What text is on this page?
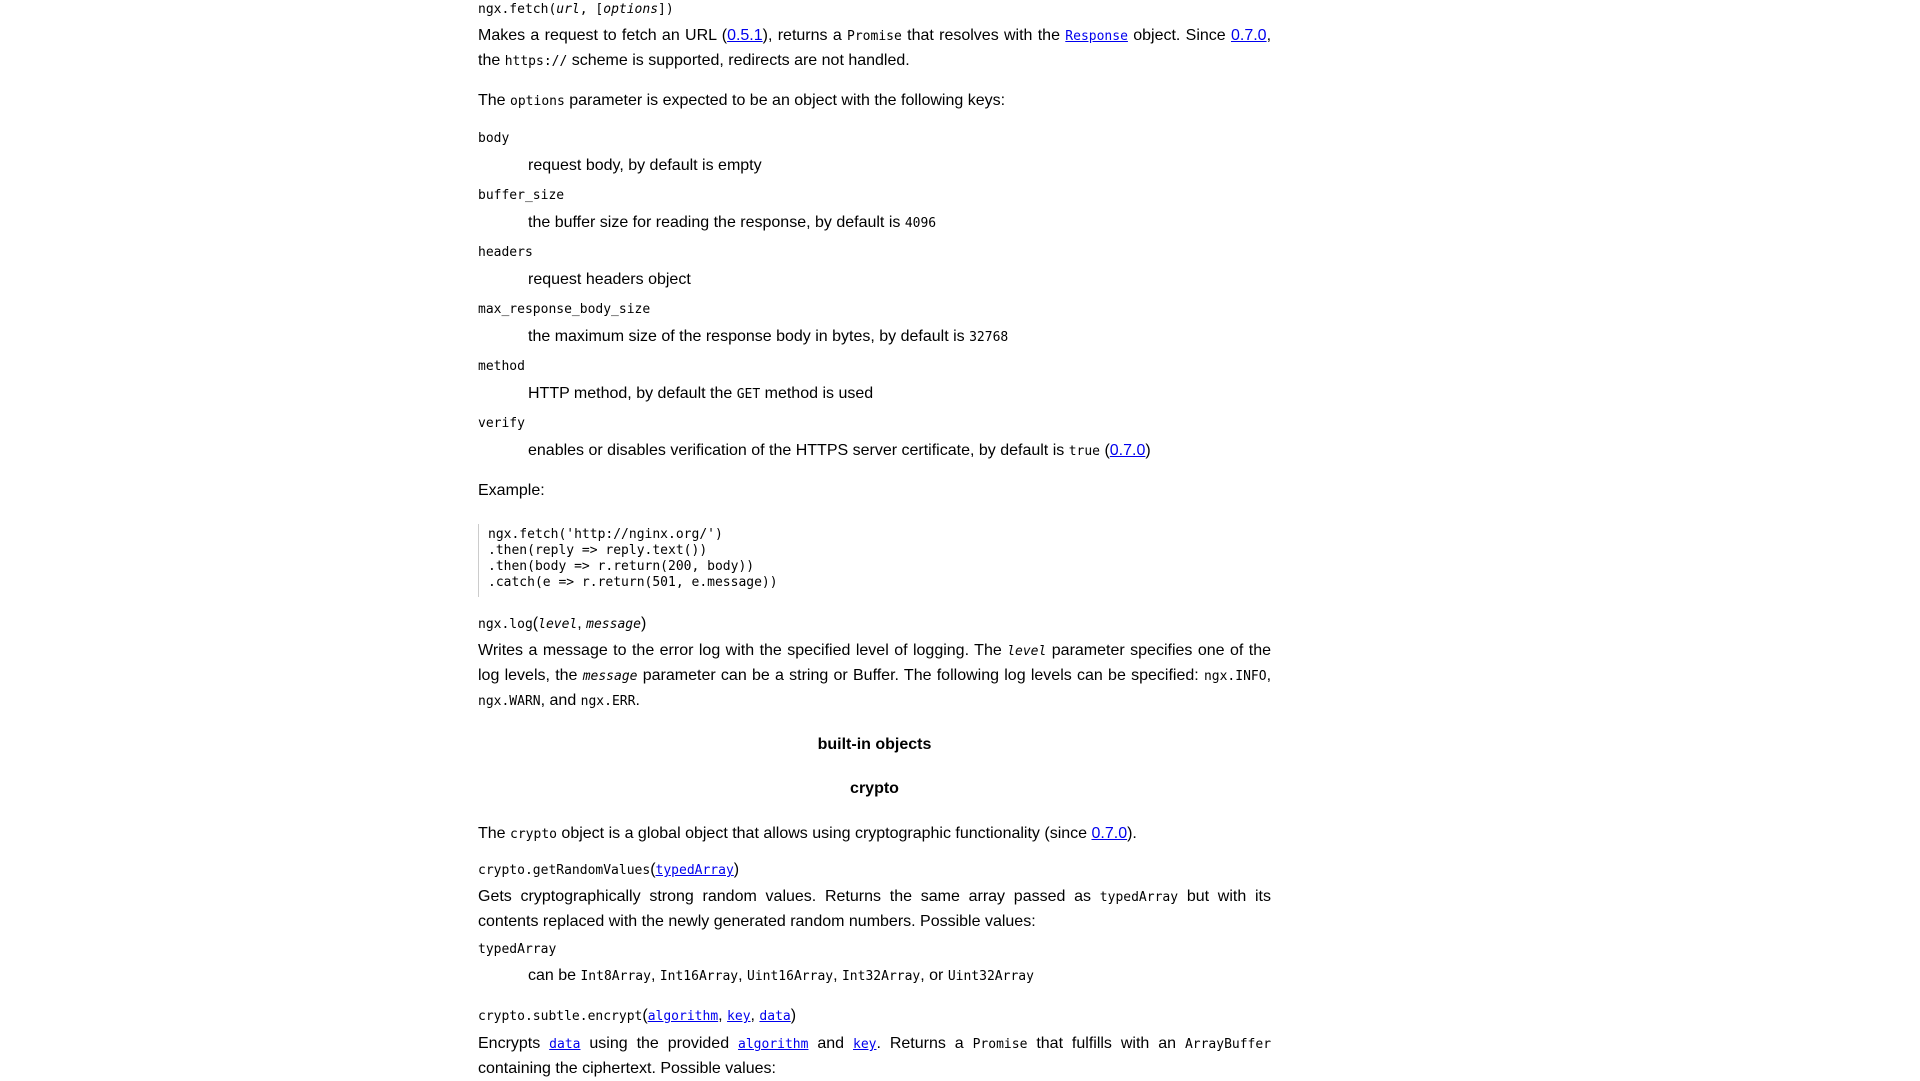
ngx.fetch(url, [options])
Makes a request to fetch an URL (0.5.1), returns a Promise that resolves with the Response object. Since 0.7.0, the https:// scheme is supported, redirects are not handled.
The options parameter is expected to be an object with the following keys:
body
request body, by default is empty
buffer_size
the buffer size for reading the response, by default is 4096
headers
request headers object
max_response_body_size
the maximum size of the response body in bytes, by default is 32768
method
HTTP method, by default the GET method is used
verify
enables or disables verification of the HTTPS server certificate, by default is true (0.7.0)
Example:
ngx.fetch('http://nginx.org/')
.then(reply => reply.text())
.then(body => r.return(200, body))
.catch(e => r.return(501, e.message))
ngx.log(level, message)
Writes a message to the error log with the specified level of logging. The level parameter specifies one of the log levels, the message parameter can be a string or Buffer. The following log levels can be specified: ngx.INFO, ngx.WARN, and ngx.ERR.
built-in objects
crypto
The crypto object is a global object that allows using cryptographic functionality (since 0.7.0).
crypto.getRandomValues(typedArray)
Gets cryptographically strong random values. Returns the same array passed as typedArray but with its contents replaced with the newly generated random numbers. Possible values:
typedArray
can be Int8Array, Int16Array, Uint16Array, Int32Array, or Uint32Array
crypto.subtle.encrypt(algorithm, key, data)
Encrypts data using the provided algorithm and key. Returns a Promise that fulfills with an ArrayBuffer containing the ciphertext. Possible values:
